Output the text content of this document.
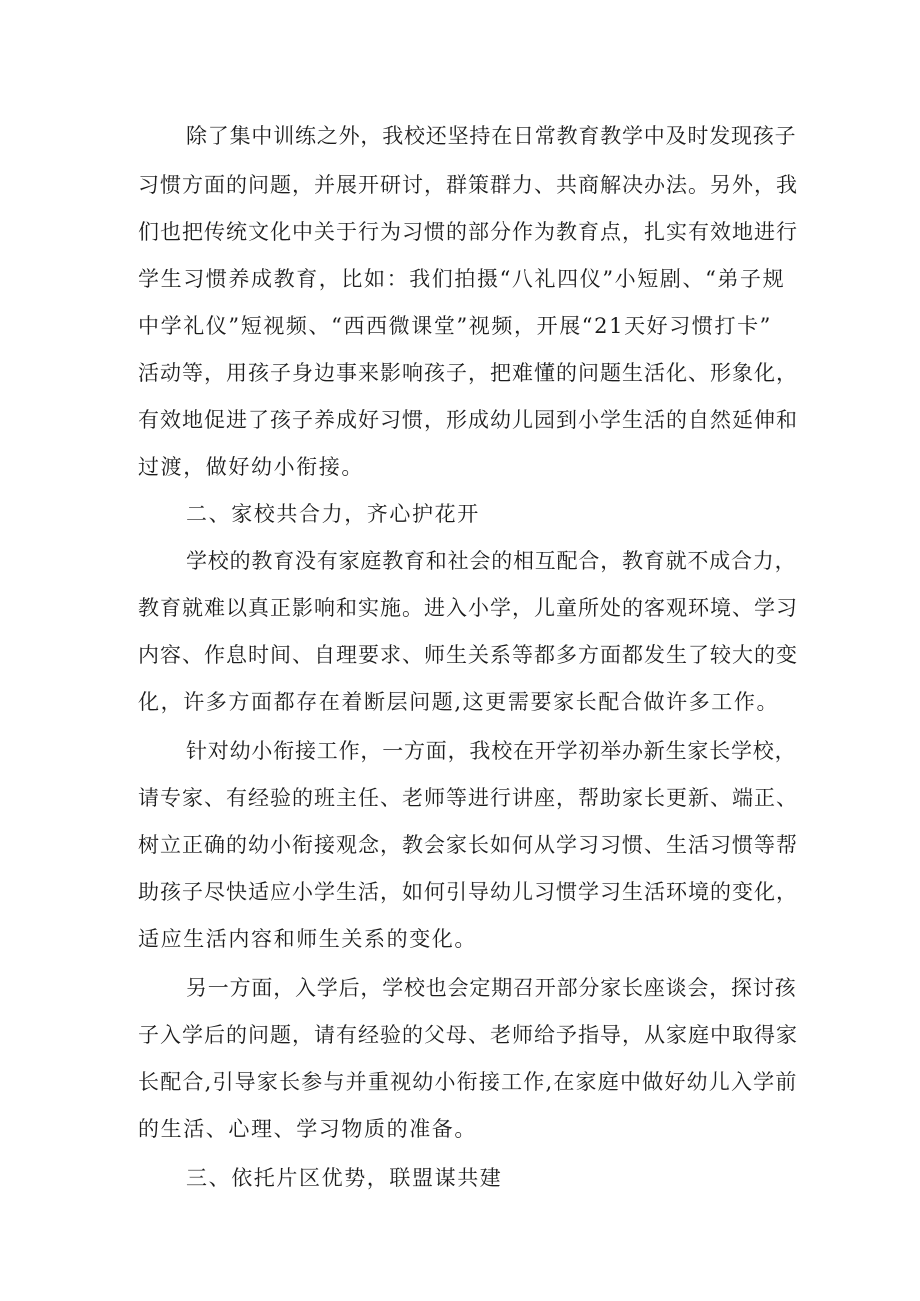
除了集中训练之外，我校还坚持在日常教育教学中及时发现孩子
习惯方面的问题，并展开研讨，群策群力、共商解决办法。另外，我
们也把传统文化中关于行为习惯的部分作为教育点，扎实有效地进行
学生习惯养成教育，比如：我们拍摄“八礼四仪”小短剧、“弟子规
中学礼仪”短视频、“西西微课堂”视频，开展“21天好习惯打卡”
活动等，用孩子身边事来影响孩子，把难懂的问题生活化、形象化，
有效地促进了孩子养成好习惯，形成幼儿园到小学生活的自然延伸和
过渡，做好幼小衔接。
二、家校共合力，齐心护花开
学校的教育没有家庭教育和社会的相互配合，教育就不成合力，
教育就难以真正影响和实施。进入小学，儿童所处的客观环境、学习
内容、作息时间、自理要求、师生关系等都多方面都发生了较大的变
化，许多方面都存在着断层问题,这更需要家长配合做许多工作。
针对幼小衔接工作，一方面，我校在开学初举办新生家长学校，
请专家、有经验的班主任、老师等进行讲座，帮助家长更新、端正、
树立正确的幼小衔接观念，教会家长如何从学习习惯、生活习惯等帮
助孩子尽快适应小学生活，如何引导幼儿习惯学习生活环境的变化，
适应生活内容和师生关系的变化。
另一方面，入学后，学校也会定期召开部分家长座谈会，探讨孩
子入学后的问题，请有经验的父母、老师给予指导，从家庭中取得家
长配合,引导家长参与并重视幼小衔接工作,在家庭中做好幼儿入学前
的生活、心理、学习物质的准备。
三、依托片区优势，联盟谋共建
